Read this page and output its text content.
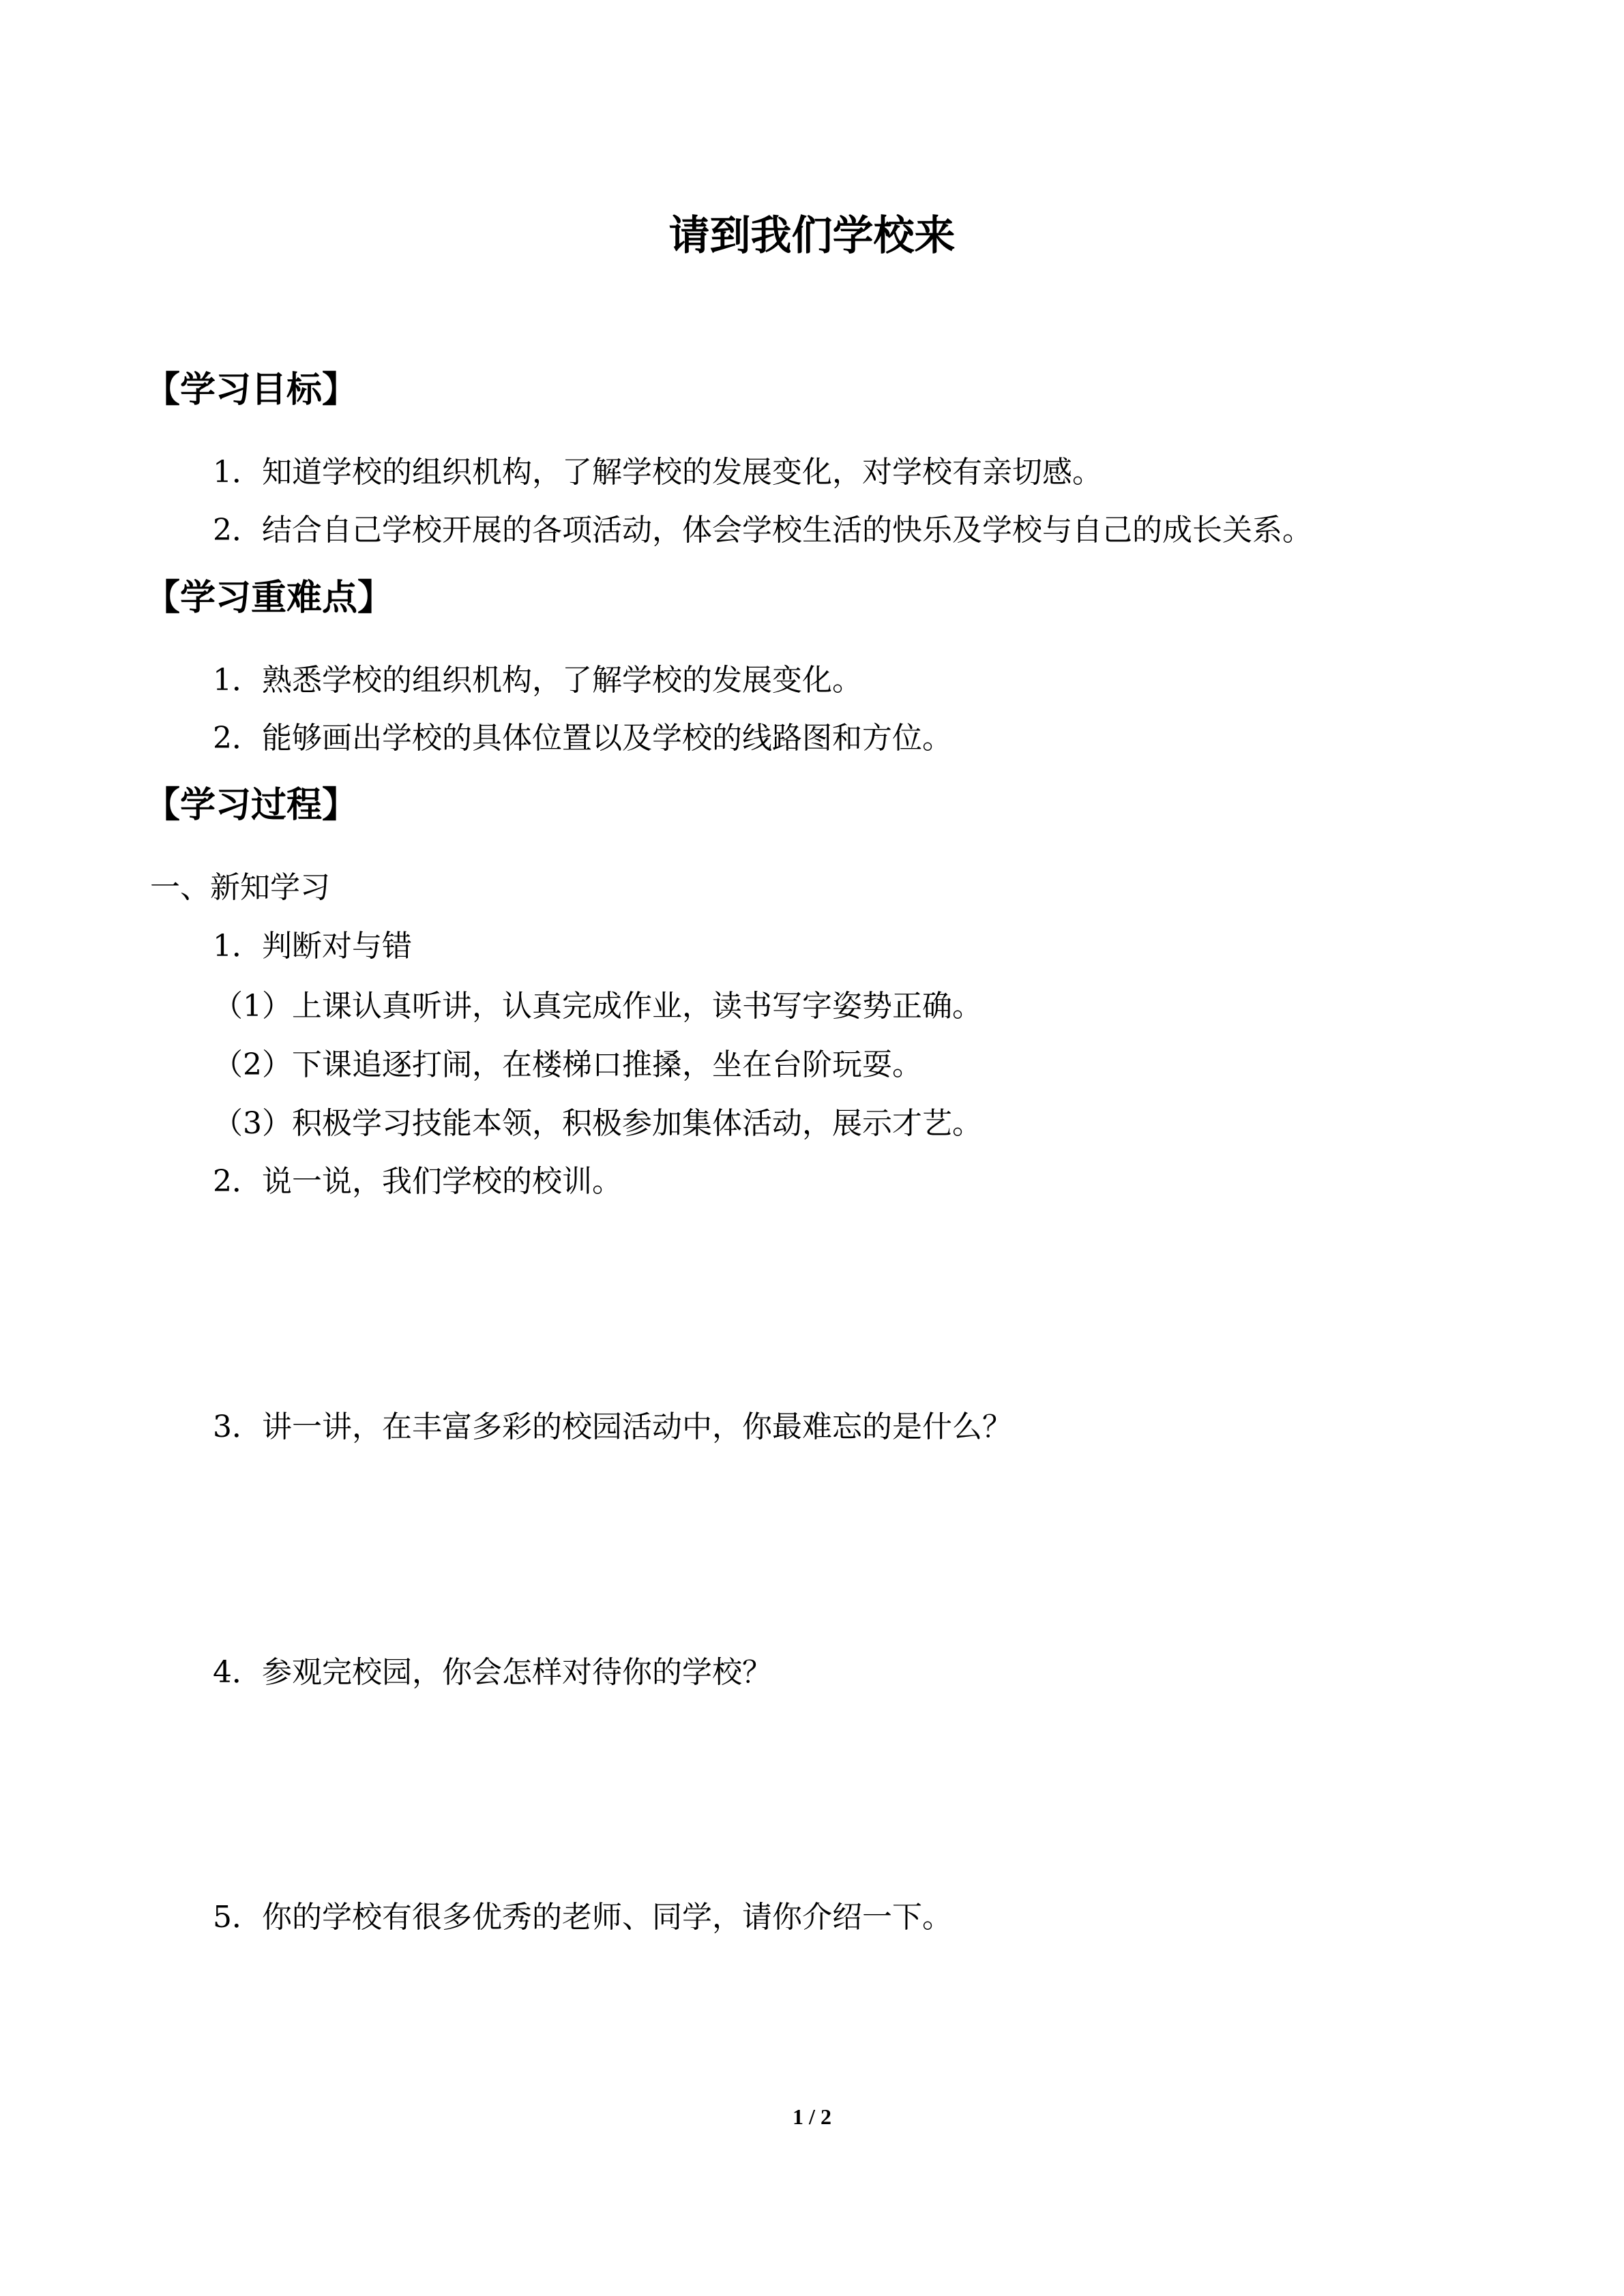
请到我们学校来
【学习目标】
1．知道学校的组织机构，了解学校的发展变化，对学校有亲切感。
2．结合自己学校开展的各项活动，体会学校生活的快乐及学校与自己的成长关系。
【学习重难点】
1．熟悉学校的组织机构，了解学校的发展变化。
2．能够画出学校的具体位置以及学校的线路图和方位。
【学习过程】
一、新知学习
1．判断对与错
（1）上课认真听讲，认真完成作业，读书写字姿势正确。
（2）下课追逐打闹，在楼梯口推搡，坐在台阶玩耍。
（3）积极学习技能本领，积极参加集体活动，展示才艺。
2．说一说，我们学校的校训。
3．讲一讲，在丰富多彩的校园活动中，你最难忘的是什么？
4．参观完校园，你会怎样对待你的学校？
5．你的学校有很多优秀的老师、同学，请你介绍一下。
1 / 2
